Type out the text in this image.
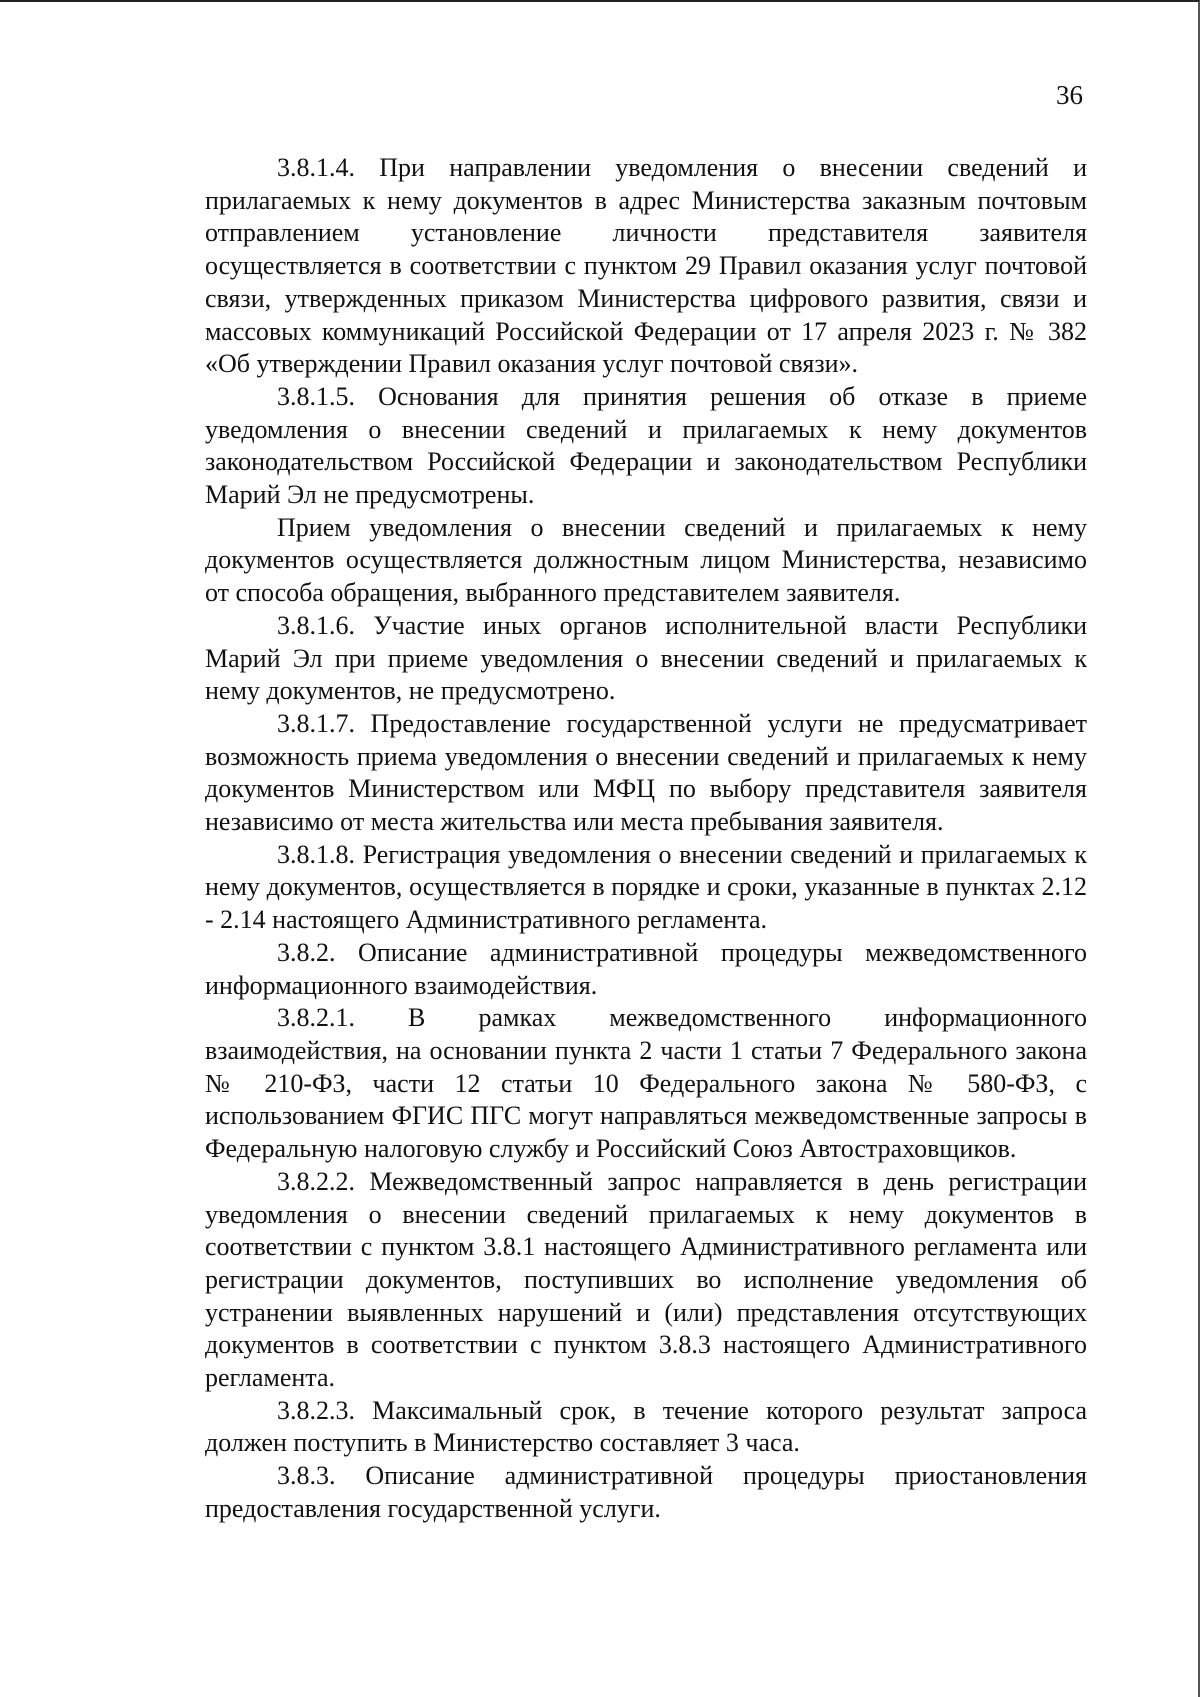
36

3.8.1.4. При направлении уведомления о внесении сведений и прилагаемых к нему документов в адрес Министерства заказным почтовым отправлением установление личности представителя заявителя осуществляется в соответствии с пунктом 29 Правил оказания услуг почтовой связи, утвержденных приказом Министерства цифрового развития, связи и массовых коммуникаций Российской Федерации от 17 апреля 2023 г. № 382 «Об утверждении Правил оказания услуг почтовой связи».

3.8.1.5. Основания для принятия решения об отказе в приеме уведомления о внесении сведений и прилагаемых к нему документов законодательством Российской Федерации и законодательством Республики Марий Эл не предусмотрены.

Прием уведомления о внесении сведений и прилагаемых к нему документов осуществляется должностным лицом Министерства, независимо от способа обращения, выбранного представителем заявителя.

3.8.1.6. Участие иных органов исполнительной власти Республики Марий Эл при приеме уведомления о внесении сведений и прилагаемых к нему документов, не предусмотрено.

3.8.1.7. Предоставление государственной услуги не предусматривает возможность приема уведомления о внесении сведений и прилагаемых к нему документов Министерством или МФЦ по выбору представителя заявителя независимо от места жительства или места пребывания заявителя.

3.8.1.8. Регистрация уведомления о внесении сведений и прилагаемых к нему документов, осуществляется в порядке и сроки, указанные в пунктах 2.12 - 2.14 настоящего Административного регламента.

3.8.2. Описание административной процедуры межведомственного информационного взаимодействия.

3.8.2.1. В рамках межведомственного информационного взаимодействия, на основании пункта 2 части 1 статьи 7 Федерального закона № 210-ФЗ, части 12 статьи 10 Федерального закона № 580-ФЗ, с использованием ФГИС ПГС могут направляться межведомственные запросы в Федеральную налоговую службу и Российский Союз Автостраховщиков.

3.8.2.2. Межведомственный запрос направляется в день регистрации уведомления о внесении сведений прилагаемых к нему документов в соответствии с пунктом 3.8.1 настоящего Административного регламента или регистрации документов, поступивших во исполнение уведомления об устранении выявленных нарушений и (или) представления отсутствующих документов в соответствии с пунктом 3.8.3 настоящего Административного регламента.

3.8.2.3. Максимальный срок, в течение которого результат запроса должен поступить в Министерство составляет 3 часа.

3.8.3. Описание административной процедуры приостановления предоставления государственной услуги.
